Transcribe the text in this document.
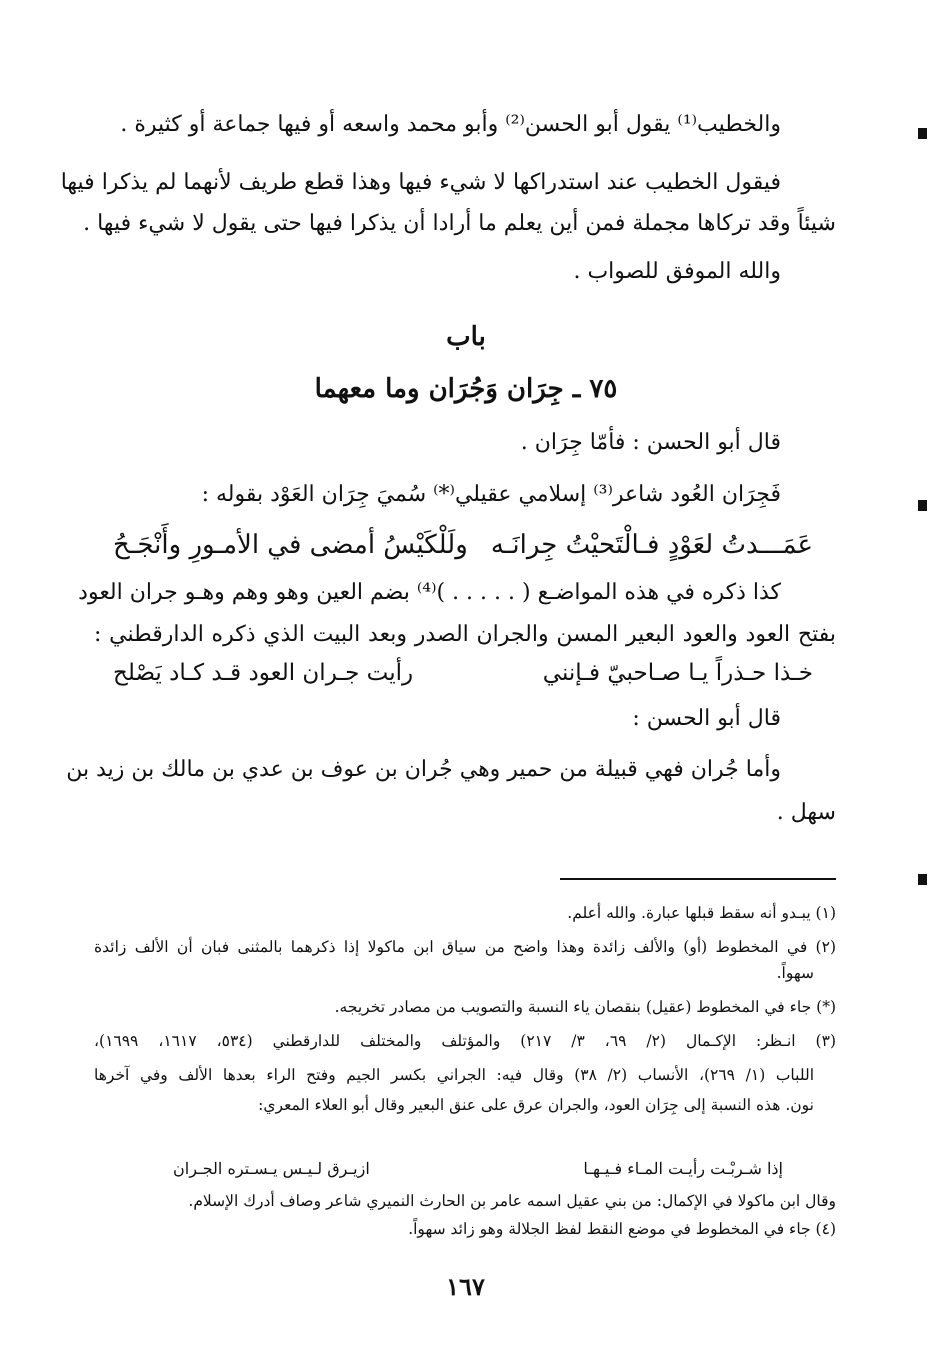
والخطيب⁽¹⁾ يقول أبو الحسن⁽²⁾ وأبو محمد واسعه أو فيها جماعة أو كثيرة .
فيقول الخطيب عند استدراكها لا شيء فيها وهذا قطع طريف لأنهما لم يذكرا فيها
شيئاً وقد تركاها مجملة فمن أين يعلم ما أرادا أن يذكرا فيها حتى يقول لا شيء فيها .
والله الموفق للصواب .
باب
٧٥ ـ جِرَان وَجُرَان وما معهما
قال أبو الحسن : فأمّا جِرَان .
فَجِرَان العُود شاعر⁽³⁾ إسلامي عقيلي⁽*⁾ سُميَ جِرَان العَوْد بقوله :
عَمَـــدتُ لعَوْدٍ فـالْتَحيْتُ جِرانَـه
ولَلْكَيْسُ أمضى في الأمـورِ وأَنْجَـحُ
كذا ذكره في هذه المواضـع ( . . . . . )⁽⁴⁾ بضم العين وهو وهم وهـو جران العود
بفتح العود والعود البعير المسن والجران الصدر وبعد البيت الذي ذكره الدارقطني :
خـذا حـذراً يـا صـاحبيّ فـإنني
رأيت جـران العود قـد كـاد يَصْلح
قال أبو الحسن :
وأما جُران فهي قبيلة من حمير وهي جُران بن عوف بن عدي بن مالك بن زيد بن
سهل .
(١) يبـدو أنه سقط قبلها عبارة. والله أعلم.
(٢) في المخطوط (أو) والألف زائدة وهذا واضح من سياق ابن ماكولا إذا ذكرهما بالمثنى فبان أن الألف زائدة
سهواً.
(*) جاء في المخطوط (عقيل) بنقصان ياء النسبة والتصويب من مصادر تخريجه.
(٣) انـظر: الإكـمال (٢/ ٦٩، ٣/ ٢١٧) والمؤتلف والمختلف للدارقطني (٥٣٤، ١٦١٧، ١٦٩٩)،
اللباب (١/ ٢٦٩)، الأنساب (٢/ ٣٨) وقال فيه: الجراني بكسر الجيم وفتح الراء بعدها الألف وفي آخرها
نون. هذه النسبة إلى جِرَان العود، والجران عرق على عنق البعير وقال أبو العلاء المعري:
إذا شـربْـت رأيـت المـاء فـيـهـا
ازيـرق لـيـس يـسـتره الجـران
وقال ابن ماكولا في الإكمال: من بني عقيل اسمه عامر بن الحارث النميري شاعر وصاف أدرك الإسلام.
(٤) جاء في المخطوط في موضع النقط لفظ الجلالة وهو زائد سهواً.
١٦٧
